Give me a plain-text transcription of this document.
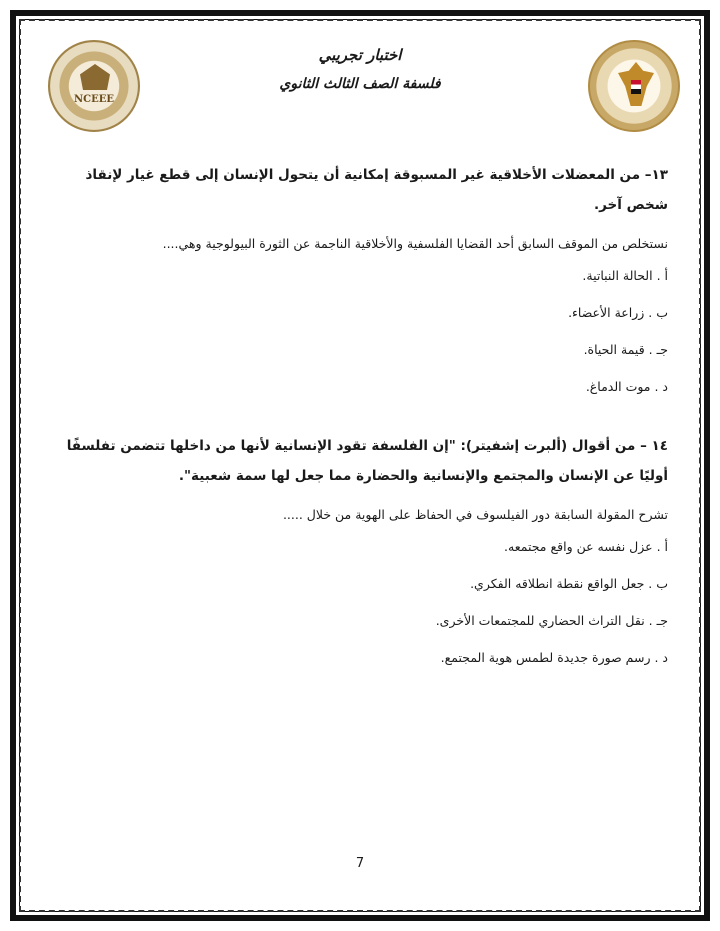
NCEEE
اختبار تجريبي
فلسفة الصف الثالث الثانوي

١٣– من المعضلات الأخلاقية غير المسبوقة إمكانية أن يتحول الإنسان إلى قطع غيار لإنقاذ شخص آخر.

نستخلص من الموقف السابق أحد القضايا الفلسفية والأخلاقية الناجمة عن الثورة البيولوجية وهي....

أ . الحالة النباتية.

ب . زراعة الأعضاء.

جـ . قيمة الحياة.

د . موت الدماغ.

١٤ – من أقوال (ألبرت إشفيتر): "إن الفلسفة تقود الإنسانية لأنها من داخلها تتضمن تفلسفًا أوليًا عن الإنسان والمجتمع والإنسانية والحضارة مما جعل لها سمة شعبية".

تشرح المقولة السابقة دور الفيلسوف في الحفاظ على الهوية من خلال .....

أ . عزل نفسه عن واقع مجتمعه.

ب . جعل الواقع نقطة انطلاقه الفكري.

جـ . نقل التراث الحضاري للمجتمعات الأخرى.

د . رسم صورة جديدة لطمس هوية المجتمع.

7
